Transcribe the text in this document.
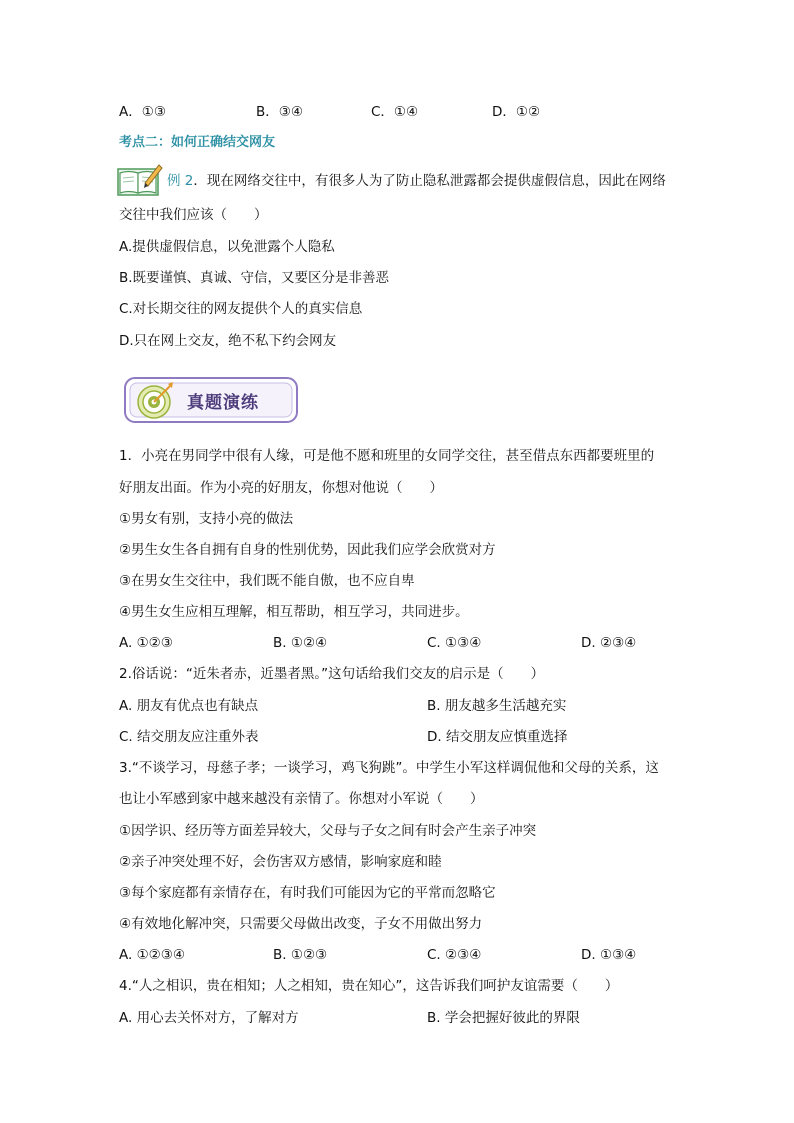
A．①③	B．③④	C．①④	D．①②
考点二：如何正确结交网友
例 2．现在网络交往中，有很多人为了防止隐私泄露都会提供虚假信息，因此在网络
交往中我们应该（　　）
A.提供虚假信息，以免泄露个人隐私
B.既要谨慎、真诚、守信，又要区分是非善恶
C.对长期交往的网友提供个人的真实信息
D.只在网上交友，绝不私下约会网友
真题演练
1．小亮在男同学中很有人缘，可是他不愿和班里的女同学交往，甚至借点东西都要班里的
好朋友出面。作为小亮的好朋友，你想对他说（　　）
①男女有别，支持小亮的做法
②男生女生各自拥有自身的性别优势，因此我们应学会欣赏对方
③在男女生交往中，我们既不能自傲，也不应自卑
④男生女生应相互理解，相互帮助，相互学习，共同进步。
A. ①②③	B. ①②④	C. ①③④	D. ②③④
2.俗话说：“近朱者赤，近墨者黑。”这句话给我们交友的启示是（　　）
A. 朋友有优点也有缺点	B. 朋友越多生活越充实
C. 结交朋友应注重外表	D. 结交朋友应慎重选择
3.“不谈学习，母慈子孝；一谈学习，鸡飞狗跳”。中学生小军这样调侃他和父母的关系，这
也让小军感到家中越来越没有亲情了。你想对小军说（　　）
①因学识、经历等方面差异较大，父母与子女之间有时会产生亲子冲突
②亲子冲突处理不好，会伤害双方感情，影响家庭和睦
③每个家庭都有亲情存在，有时我们可能因为它的平常而忽略它
④有效地化解冲突，只需要父母做出改变，子女不用做出努力
A. ①②③④	B. ①②③	C. ②③④	D. ①③④
4.“人之相识，贵在相知；人之相知，贵在知心”，这告诉我们呵护友谊需要（　　）
A. 用心去关怀对方，了解对方	B. 学会把握好彼此的界限
